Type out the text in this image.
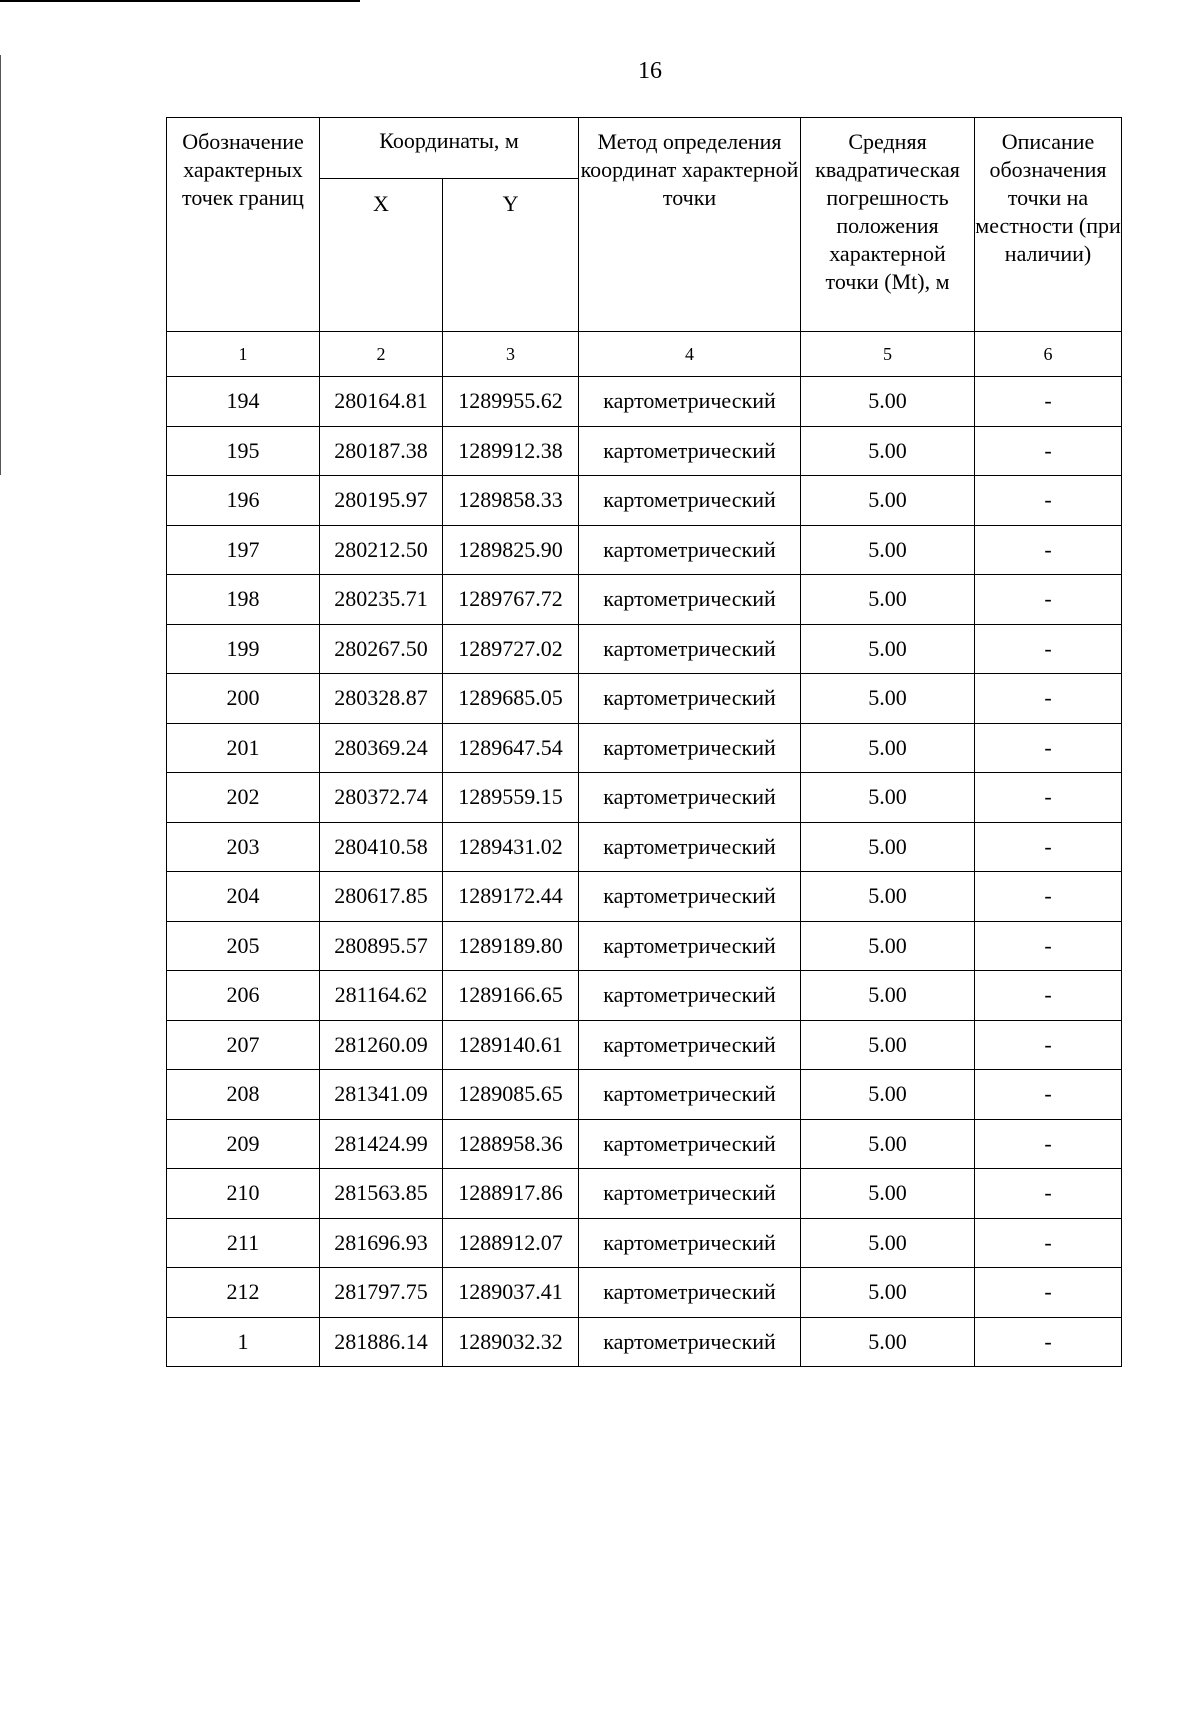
16
Обозначение характерных точек границ	Координаты, м		Метод определения координат характерной точки	Средняя квадратическая погрешность положения характерной точки (Mt), м	Описание обозначения точки на местности (при наличии)
	X	Y			
1	2	3	4	5	6
194	280164.81	1289955.62	картометрический	5.00	-
195	280187.38	1289912.38	картометрический	5.00	-
196	280195.97	1289858.33	картометрический	5.00	-
197	280212.50	1289825.90	картометрический	5.00	-
198	280235.71	1289767.72	картометрический	5.00	-
199	280267.50	1289727.02	картометрический	5.00	-
200	280328.87	1289685.05	картометрический	5.00	-
201	280369.24	1289647.54	картометрический	5.00	-
202	280372.74	1289559.15	картометрический	5.00	-
203	280410.58	1289431.02	картометрический	5.00	-
204	280617.85	1289172.44	картометрический	5.00	-
205	280895.57	1289189.80	картометрический	5.00	-
206	281164.62	1289166.65	картометрический	5.00	-
207	281260.09	1289140.61	картометрический	5.00	-
208	281341.09	1289085.65	картометрический	5.00	-
209	281424.99	1288958.36	картометрический	5.00	-
210	281563.85	1288917.86	картометрический	5.00	-
211	281696.93	1288912.07	картометрический	5.00	-
212	281797.75	1289037.41	картометрический	5.00	-
1	281886.14	1289032.32	картометрический	5.00	-
